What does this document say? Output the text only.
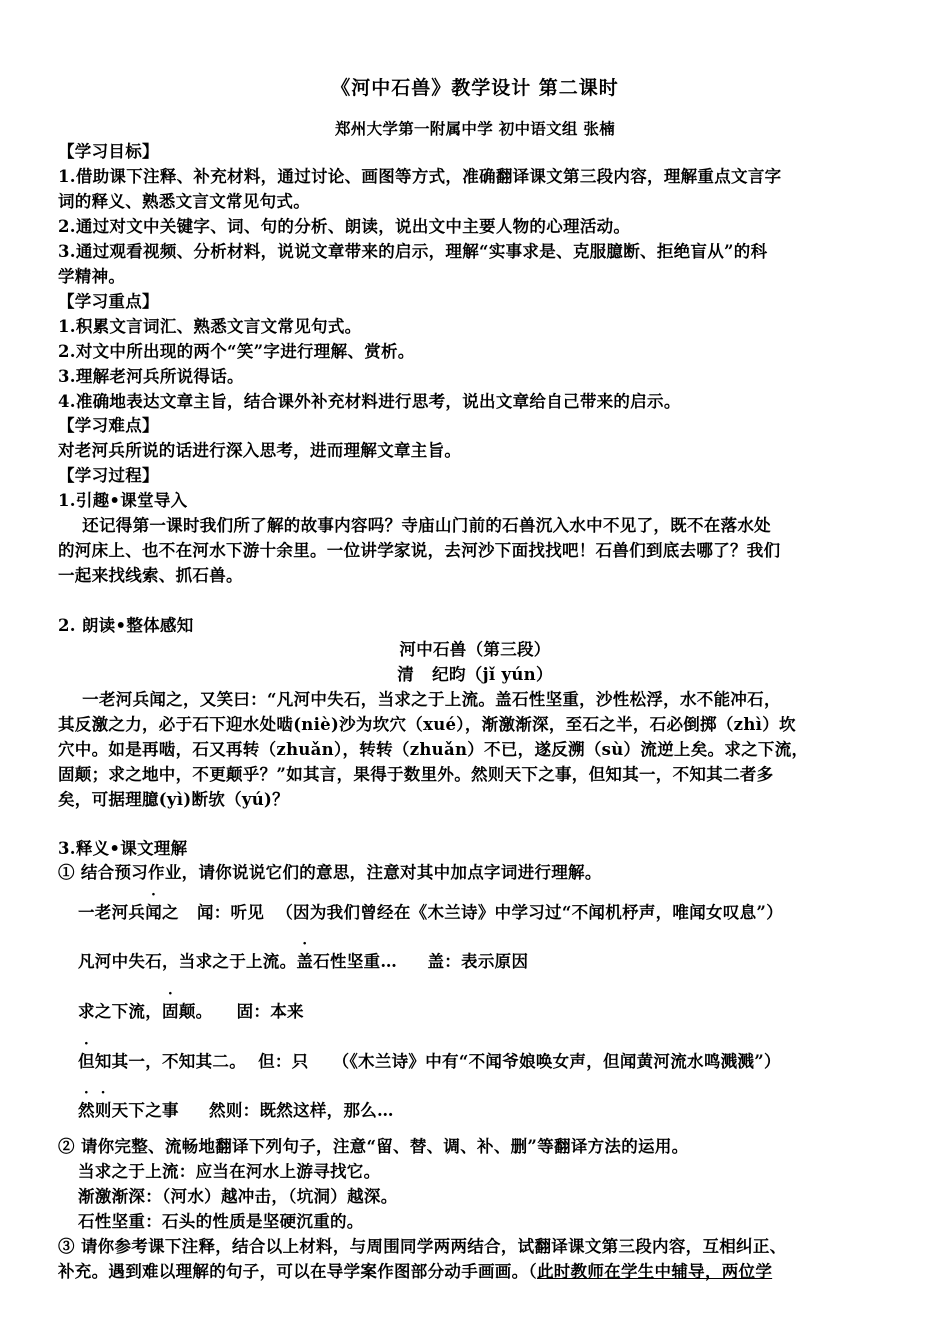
《河中石兽》教学设计 第二课时
郑州大学第一附属中学 初中语文组 张楠
【学习目标】
1.借助课下注释、补充材料，通过讨论、画图等方式，准确翻译课文第三段内容，理解重点文言字
词的释义、熟悉文言文常见句式。
2.通过对文中关键字、词、句的分析、朗读，说出文中主要人物的心理活动。
3.通过观看视频、分析材料，说说文章带来的启示，理解“实事求是、克服臆断、拒绝盲从”的科
学精神。
【学习重点】
1.积累文言词汇、熟悉文言文常见句式。
2.对文中所出现的两个“笑”字进行理解、赏析。
3.理解老河兵所说得话。
4.准确地表达文章主旨，结合课外补充材料进行思考，说出文章给自己带来的启示。
【学习难点】
对老河兵所说的话进行深入思考，进而理解文章主旨。
【学习过程】
1.引趣•课堂导入
还记得第一课时我们所了解的故事内容吗？寺庙山门前的石兽沉入水中不见了，既不在落水处
的河床上、也不在河水下游十余里。一位讲学家说，去河沙下面找找吧！石兽们到底去哪了？我们
一起来找线索、抓石兽。
2. 朗读•整体感知
河中石兽（第三段）
清   纪昀（jǐ yún）
一老河兵闻之，又笑曰：“凡河中失石，当求之于上流。盖石性坚重，沙性松浮，水不能冲石，
其反激之力，必于石下迎水处啮(niè)沙为坎穴（xué），渐激渐深，至石之半，石必倒掷（zhì）坎
穴中。如是再啮，石又再转（zhuǎn），转转（zhuǎn）不已，遂反溯（sù）流逆上矣。求之下流，
固颠；求之地中，不更颠乎？”如其言，果得于数里外。然则天下之事，但知其一，不知其二者多
矣，可据理臆(yì)断欤（yú)？
3.释义•课文理解
① 结合预习作业，请你说说它们的意思，注意对其中加点字词进行理解。
一老河兵闻之   闻：听见  （因为我们曾经在《木兰诗》中学习过“不闻机杼声，唯闻女叹息”）
凡河中失石，当求之于上流。盖石性坚重…     盖：表示原因
求之下流，固颠。    固：本来
但知其一，不知其二。  但：只    （《木兰诗》中有“不闻爷娘唤女声，但闻黄河流水鸣溅溅”）
然则天下之事     然则：既然这样，那么…
② 请你完整、流畅地翻译下列句子，注意“留、替、调、补、删”等翻译方法的运用。
当求之于上流：应当在河水上游寻找它。
渐激渐深：（河水）越冲击，（坑洞）越深。
石性坚重：石头的性质是坚硬沉重的。
③ 请你参考课下注释，结合以上材料，与周围同学两两结合，试翻译课文第三段内容，互相纠正、
补充。遇到难以理解的句子，可以在导学案作图部分动手画画。（此时教师在学生中辅导，两位学
